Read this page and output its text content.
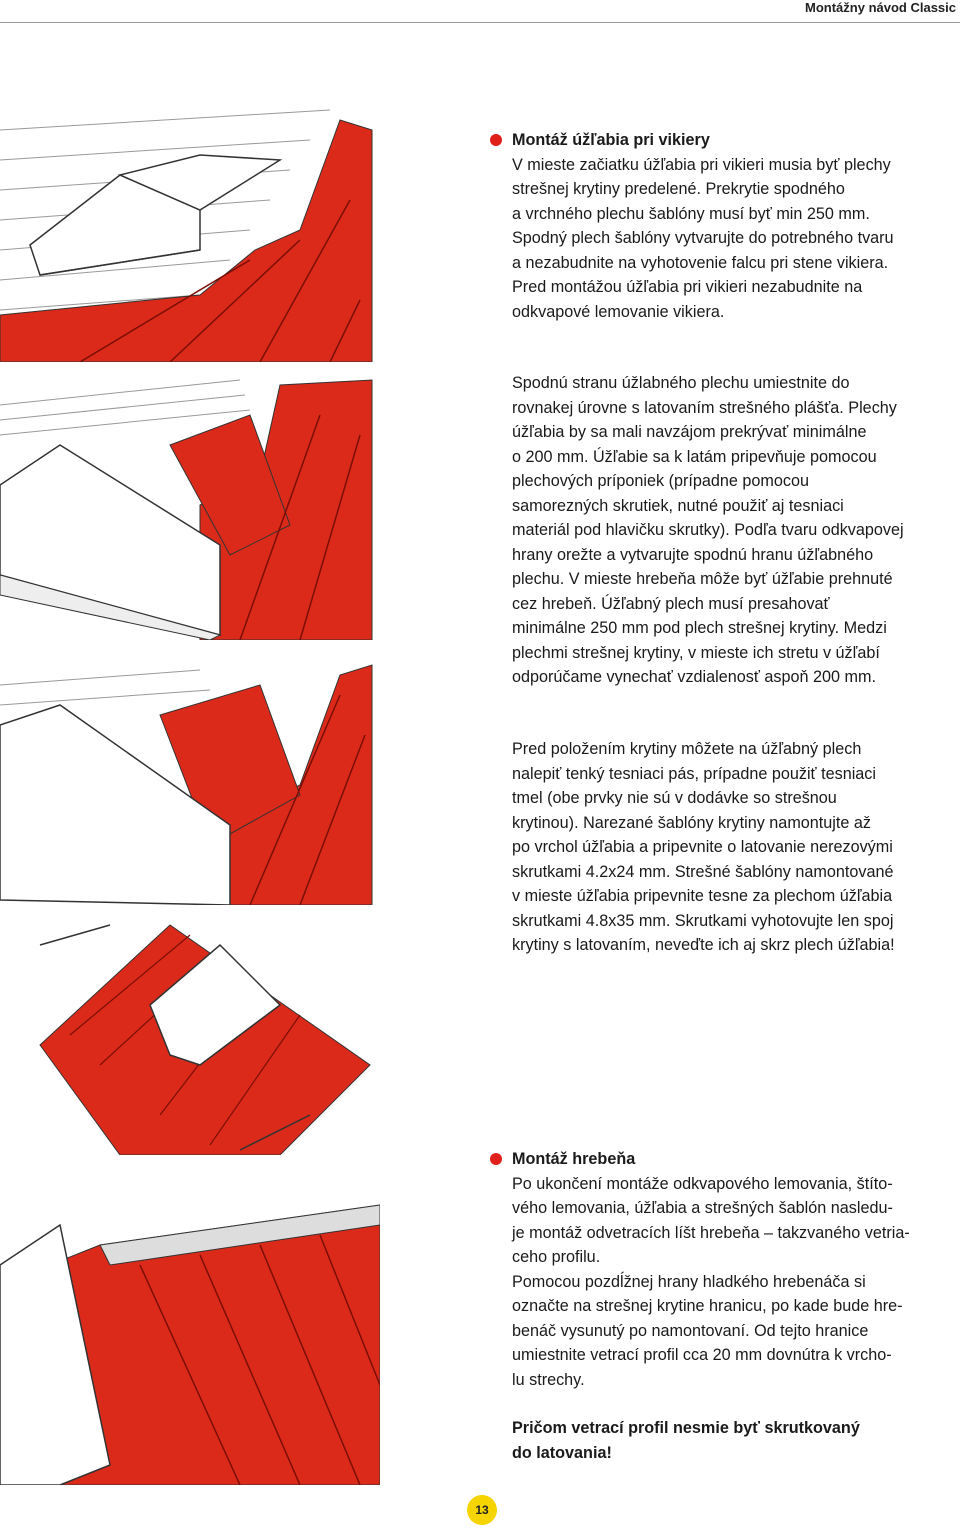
Montážny návod Classic

Montáž úžľabia pri vikiery

V mieste začiatku úžľabia pri vikieri musia byť plechy

strešnej krytiny predelené. Prekrytie spodného

a vrchného plechu šablóny musí byť min 250 mm.

Spodný plech šablóny vytvarujte do potrebného tvaru

a nezabudnite na vyhotovenie falcu pri stene vikiera.

Pred montážou úžľabia pri vikieri nezabudnite na

odkvapové lemovanie vikiera.

Spodnú stranu úžlabného plechu umiestnite do

rovnakej úrovne s latovaním strešného plášťa. Plechy

úžľabia by sa mali navzájom prekrývať minimálne

o 200 mm. Úžľabie sa k latám pripevňuje pomocou

plechových príponiek (prípadne pomocou

samorezných skrutiek, nutné použiť aj tesniaci

materiál pod hlavičku skrutky). Podľa tvaru odkvapovej

hrany orežte a vytvarujte spodnú hranu úžľabného

plechu. V mieste hrebeňa môže byť úžľabie prehnuté

cez hrebeň. Úžľabný plech musí presahovať

minimálne 250 mm pod plech strešnej krytiny. Medzi

plechmi strešnej krytiny, v mieste ich stretu v úžľabí

odporúčame vynechať vzdialenosť aspoň 200 mm.

Pred položením krytiny môžete na úžľabný plech

nalepiť tenký tesniaci pás, prípadne použiť tesniaci

tmel (obe prvky nie sú v dodávke so strešnou

krytinou). Narezané šablóny krytiny namontujte až

po vrchol úžľabia a pripevnite o latovanie nerezovými

skrutkami 4.2x24 mm. Strešné šablóny namontované

v mieste úžľabia pripevnite tesne za plechom úžľabia

skrutkami 4.8x35 mm. Skrutkami vyhotovujte len spoj

krytiny s latovaním, neveďte ich aj skrz plech úžľabia!

Montáž hrebeňa

Po ukončení montáže odkvapového lemovania, štíto-

vého lemovania, úžľabia a strešných šablón nasledu-

je montáž odvetracích líšt hrebeňa – takzvaného vetria-

ceho profilu.

Pomocou pozdĺžnej hrany hladkého hrebenáča si

označte na strešnej krytine hranicu, po kade bude hre-

benáč vysunutý po namontovaní. Od tejto hranice

umiestnite vetrací profil cca 20 mm dovnútra k vrcho-

lu strechy.

Pričom vetrací profil nesmie byť skrutkovaný

do latovania!

13
